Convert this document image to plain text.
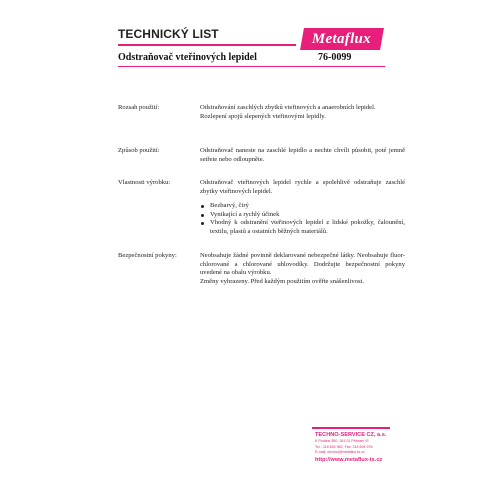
TECHNICKÝ LIST	Metaflux
Odstraňovač vteřinových lepidel	76-0099
Rozsah použití:	Odstraňování zaschlých zbytků vteřinových a anaerobních lepidel.

Rozlepení spojů slepených vteřinovými lepidly.

Způsob použití:	Odstraňovač naneste na zaschlé lepidlo a nechte chvíli působit, poté jemně setřete nebo odloupněte.

Vlastnosti výrobku:	Odstraňovač vteřinových lepidel rychle a spolehlivě odstraňuje zaschlé zbytky vteřinových lepidel.

Bezbarvý, čirý
Vynikající a rychlý účinek
Vhodný k odstranění vteřinových lepidel z lidské pokožky, čalounění, textilu, plastů a ostatních běžných materiálů.
Bezpečnostní pokyny:	Neobsahuje žádné povinně deklarované nebezpečné látky. Neobsahuje fluor-chlorované a chlorované uhlovodíky. Dodržujte bezpečnostní pokyny uvedené na obalu výrobku.

Změny vyhrazeny. Před každým použitím ověřte snášenlivost.

TECHNO-SERVICE CZ, a.s.
K Podlesí 550, 261 01 Příbram VI
Tel.: 318 694 982, Fax: 318 694 978
E-mail: obchod@metaflux-ts.cz
http://www.metaflux-ts.cz
